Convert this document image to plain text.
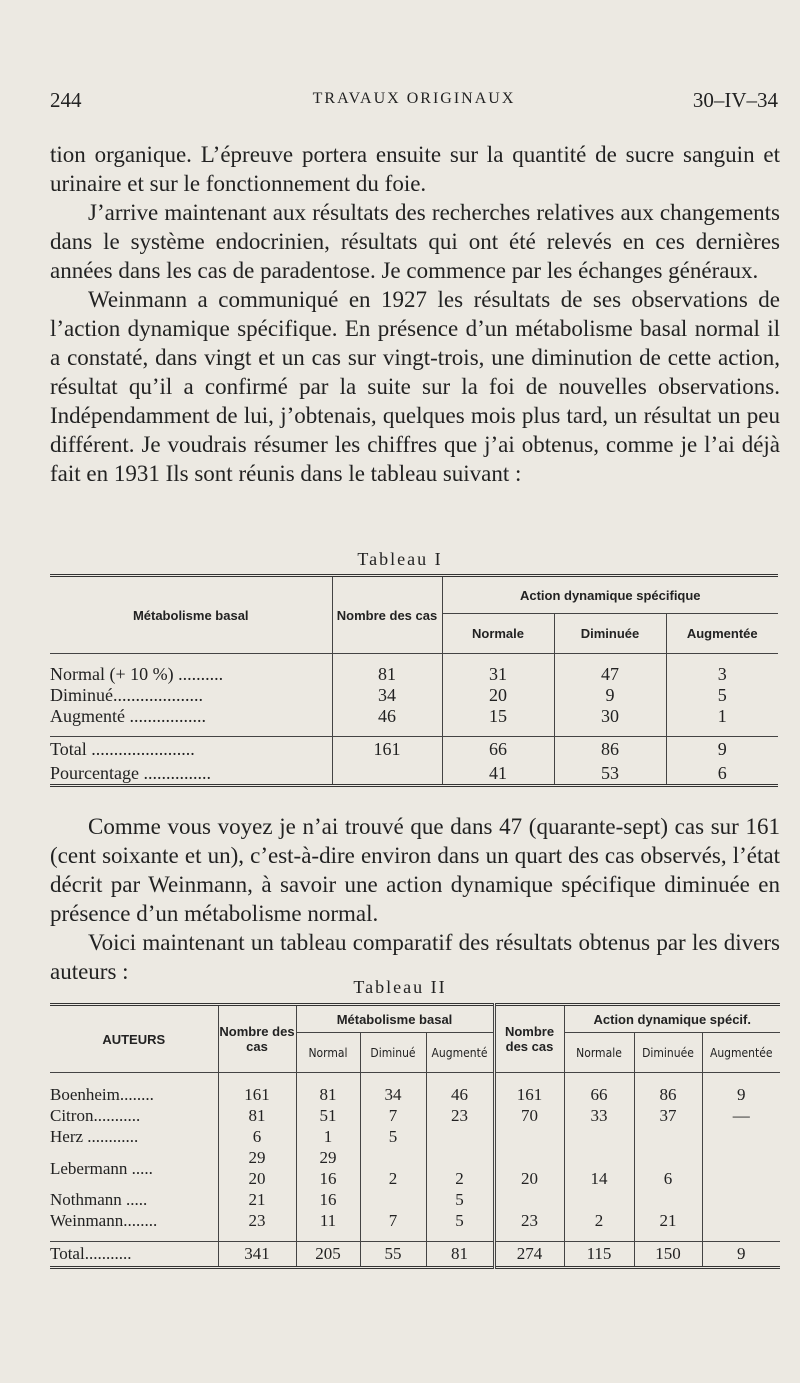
244	TRAVAUX ORIGINAUX	30–IV–34

tion organique. L’épreuve portera ensuite sur la quantité de sucre sanguin et urinaire et sur le fonctionnement du foie.

J’arrive maintenant aux résultats des recherches relatives aux changements dans le système endocrinien, résultats qui ont été relevés en ces dernières années dans les cas de paradentose. Je commence par les échanges généraux.

Weinmann a communiqué en 1927 les résultats de ses observations de l’action dynamique spécifique. En présence d’un métabolisme basal normal il a constaté, dans vingt et un cas sur vingt-trois, une diminution de cette action, résultat qu’il a confirmé par la suite sur la foi de nouvelles observations. Indépendamment de lui, j’obtenais, quelques mois plus tard, un résultat un peu différent. Je voudrais résumer les chiffres que j’ai obtenus, comme je l’ai déjà fait en 1931 Ils sont réunis dans le tableau suivant :

Tableau I
Métabolisme basal	Nombre des cas	Action dynamique spécifique		
		Normale	Diminuée	Augmentée

Normal (+ 10 %) ..........	81	31	47	3
Diminué....................	34	20	9	5
Augmenté .................	46	15	30	1

Total .......................	161	66	86	9
Pourcentage ...............		41	53	6

Comme vous voyez je n’ai trouvé que dans 47 (quarante-sept) cas sur 161 (cent soixante et un), c’est-à-dire environ dans un quart des cas observés, l’état décrit par Weinmann, à savoir une action dynamique spécifique diminuée en présence d’un métabolisme normal.

Voici maintenant un tableau comparatif des résultats obtenus par les divers auteurs :

Tableau II
AUTEURS	Nombre des cas	Métabolisme basal			Nombre des cas	Action dynamique spécif.		
		Normal	Diminué	Augmenté		Normale	Diminuée	Augmentée

Boenheim........	161	81	34	46	161	66	86	9
Citron...........	81	51	7	23	70	33	37	—
Herz ............	6	1	5					
Lebermann .....	29	29						
	20	16	2	2	20	14	6	
Nothmann .....	21	16		5				
Weinmann........	23	11	7	5	23	2	21	

Total...........	341	205	55	81	274	115	150	9
